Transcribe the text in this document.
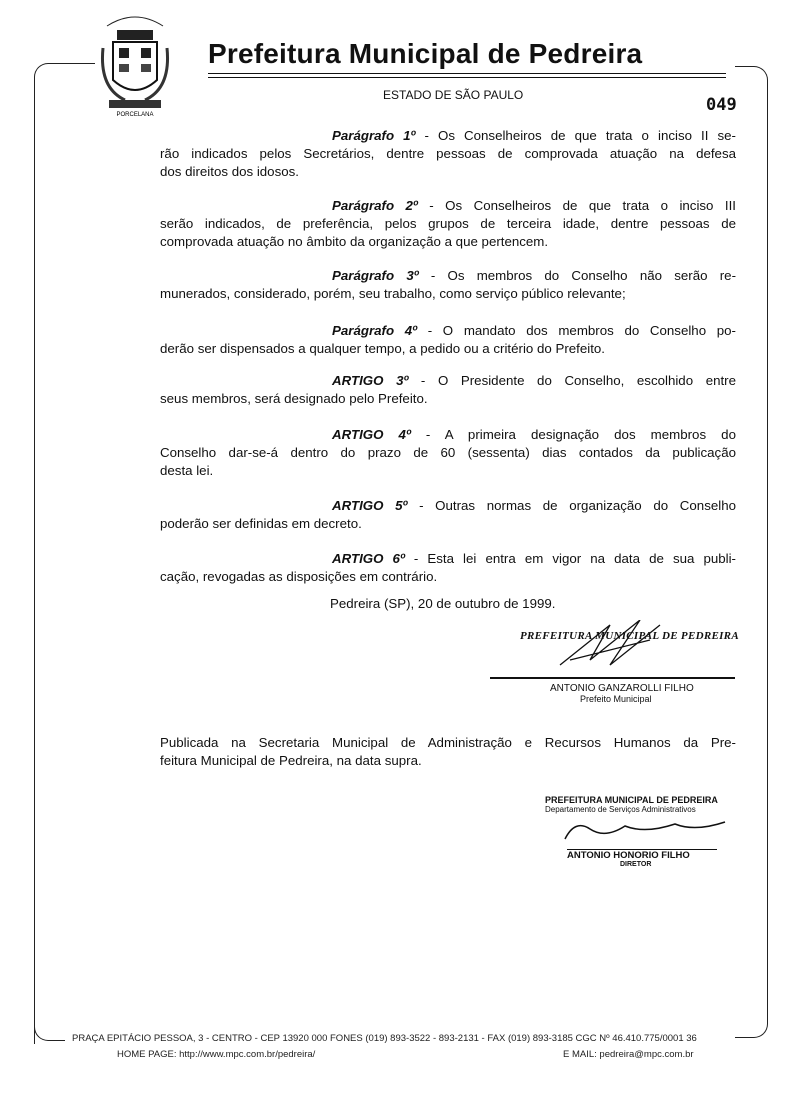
PORCELANA
Prefeitura Municipal de Pedreira
ESTADO DE SÃO PAULO	049
Parágrafo 1º - Os Conselheiros de que trata o inciso II se-
rão indicados pelos Secretários, dentre pessoas de comprovada atuação na defesa
dos direitos dos idosos.
Parágrafo 2º - Os Conselheiros de que trata o inciso III
serão indicados, de preferência, pelos grupos de terceira idade, dentre pessoas de
comprovada atuação no âmbito da organização a que pertencem.
Parágrafo 3º - Os membros do Conselho não serão re-
munerados, considerado, porém, seu trabalho, como serviço público relevante;
Parágrafo 4º - O mandato dos membros do Conselho po-
derão ser dispensados a qualquer tempo, a pedido ou a critério do Prefeito.
ARTIGO 3º - O Presidente do Conselho, escolhido entre
seus membros, será designado pelo Prefeito.
ARTIGO 4º - A primeira designação dos membros do
Conselho dar-se-á dentro do prazo de 60 (sessenta) dias contados da publicação
desta lei.
ARTIGO 5º - Outras normas de organização do Conselho
poderão ser definidas em decreto.
ARTIGO 6º - Esta lei entra em vigor na data de sua publi-
cação, revogadas as disposições em contrário.
Pedreira (SP), 20 de outubro de 1999.
PREFEITURA MUNICIPAL DE PEDREIRA
ANTONIO GANZAROLLI FILHO
Prefeito Municipal
Publicada na Secretaria Municipal de Administração e Recursos Humanos da Pre-
feitura Municipal de Pedreira, na data supra.
PREFEITURA MUNICIPAL DE PEDREIRA
Departamento de Serviços Administrativos
ANTONIO HONORIO FILHO
DIRETOR
PRAÇA EPITÁCIO PESSOA, 3 - CENTRO - CEP 13920 000 FONES (019) 893-3522 - 893-2131 - FAX (019) 893-3185 CGC Nº 46.410.775/0001 36
HOME PAGE: http://www.mpc.com.br/pedreira/	E MAIL: pedreira@mpc.com.br
